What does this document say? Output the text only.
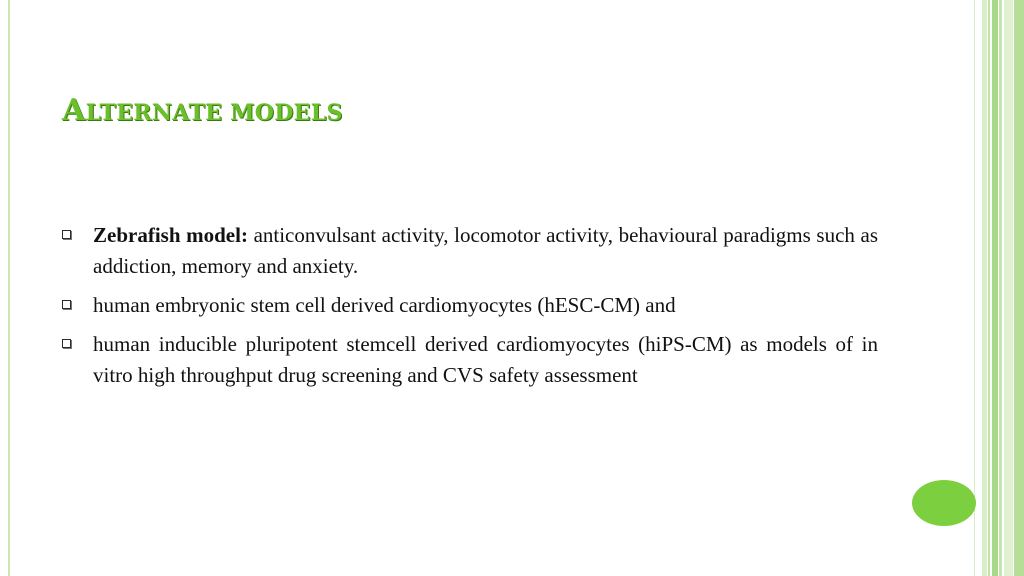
ALTERNATE MODELS
Zebrafish model: anticonvulsant activity, locomotor activity, behavioural paradigms such as addiction, memory and anxiety.
human embryonic stem cell derived cardiomyocytes (hESC-CM) and
human inducible pluripotent stemcell derived cardiomyocytes (hiPS-CM) as models of in vitro high throughput drug screening and CVS safety assessment
